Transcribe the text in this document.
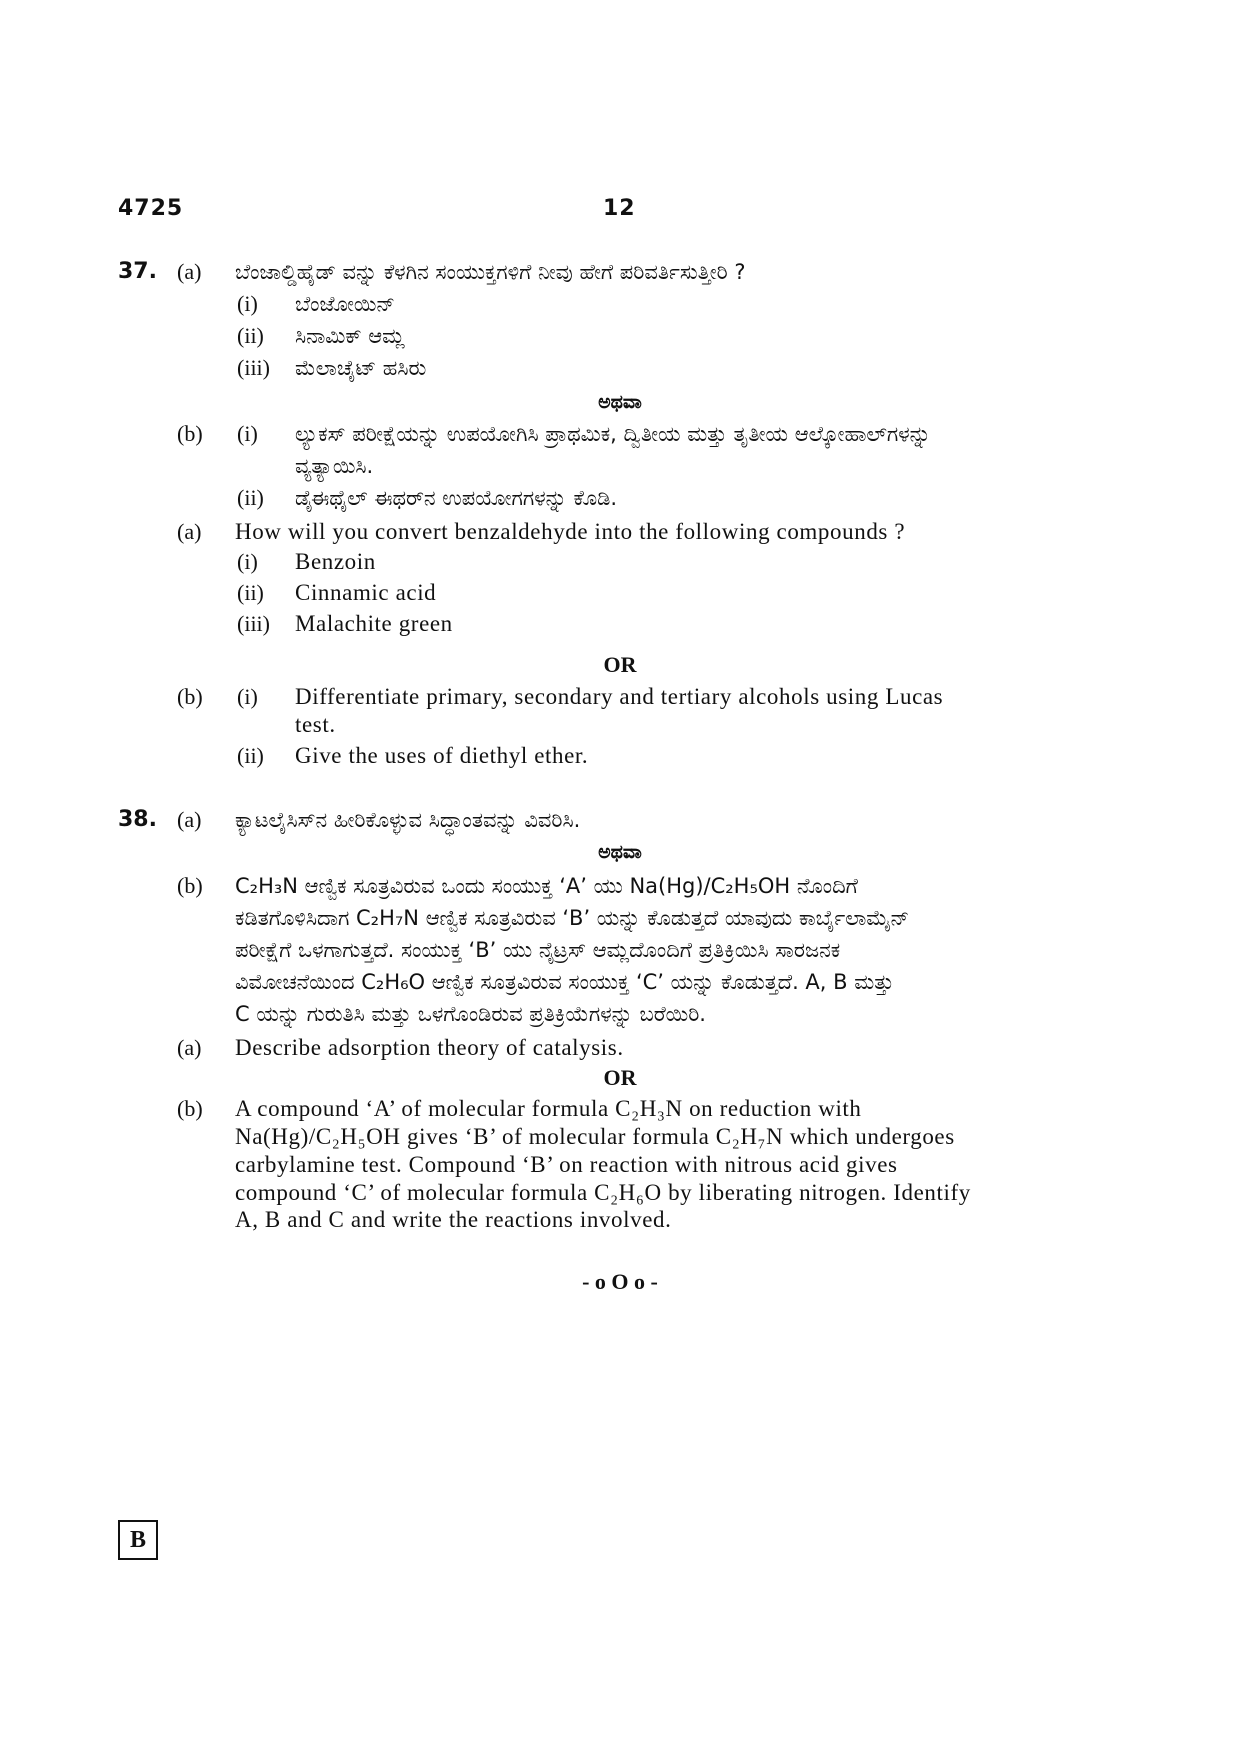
4725	12
37. (a) ಬೆಂಜಾಲ್ಡಿಹೈಡ್ ವನ್ನು ಕೆಳಗಿನ ಸಂಯುಕ್ತಗಳಿಗೆ ನೀವು ಹೇಗೆ ಪರಿವರ್ತಿಸುತ್ತೀರಿ ?
(i) ಬೆಂಜೋಯಿನ್
(ii) ಸಿನಾಮಿಕ್ ಆಮ್ಲ
(iii) ಮೆಲಾಚೈಟ್ ಹಸಿರು
ಅಥವಾ
(b) (i) ಲ್ಯುಕಸ್ ಪರೀಕ್ಷೆಯನ್ನು ಉಪಯೋಗಿಸಿ ಪ್ರಾಥಮಿಕ, ದ್ವಿತೀಯ ಮತ್ತು ತೃತೀಯ ಆಲ್ಕೋಹಾಲ್‌ಗಳನ್ನು
ವ್ಯತ್ಯಾಯಿಸಿ.
(ii) ಡೈಈಥೈಲ್ ಈಥರ್‌ನ ಉಪಯೋಗಗಳನ್ನು ಕೊಡಿ.
(a) How will you convert benzaldehyde into the following compounds ?
(i) Benzoin
(ii) Cinnamic acid
(iii) Malachite green
OR
(b) (i) Differentiate primary, secondary and tertiary alcohols using Lucas
test.
(ii) Give the uses of diethyl ether.
38. (a) ಕ್ಯಾಟಲೈಸಿಸ್‌ನ ಹೀರಿಕೊಳ್ಳುವ ಸಿದ್ಧಾಂತವನ್ನು ವಿವರಿಸಿ.
ಅಥವಾ
(b) C₂H₃N ಆಣ್ವಿಕ ಸೂತ್ರವಿರುವ ಒಂದು ಸಂಯುಕ್ತ ‘A’ ಯು Na(Hg)/C₂H₅OH ನೊಂದಿಗೆ
ಕಡಿತಗೊಳಿಸಿದಾಗ C₂H₇N ಆಣ್ವಿಕ ಸೂತ್ರವಿರುವ ‘B’ ಯನ್ನು ಕೊಡುತ್ತದೆ ಯಾವುದು ಕಾರ್ಬೈಲಾಮೈನ್
ಪರೀಕ್ಷೆಗೆ ಒಳಗಾಗುತ್ತದೆ. ಸಂಯುಕ್ತ ‘B’ ಯು ನೈಟ್ರಸ್ ಆಮ್ಲದೊಂದಿಗೆ ಪ್ರತಿಕ್ರಿಯಿಸಿ ಸಾರಜನಕ
ವಿಮೋಚನೆಯಿಂದ C₂H₆O ಆಣ್ವಿಕ ಸೂತ್ರವಿರುವ ಸಂಯುಕ್ತ ‘C’ ಯನ್ನು ಕೊಡುತ್ತದೆ. A, B ಮತ್ತು
C ಯನ್ನು ಗುರುತಿಸಿ ಮತ್ತು ಒಳಗೊಂಡಿರುವ ಪ್ರತಿಕ್ರಿಯೆಗಳನ್ನು ಬರೆಯಿರಿ.
(a) Describe adsorption theory of catalysis.
OR
(b) A compound ‘A’ of molecular formula C₂H₃N on reduction with
Na(Hg)/C₂H₅OH gives ‘B’ of molecular formula C₂H₇N which undergoes
carbylamine test. Compound ‘B’ on reaction with nitrous acid gives
compound ‘C’ of molecular formula C₂H₆O by liberating nitrogen. Identify
A, B and C and write the reactions involved.
- o O o -
B
